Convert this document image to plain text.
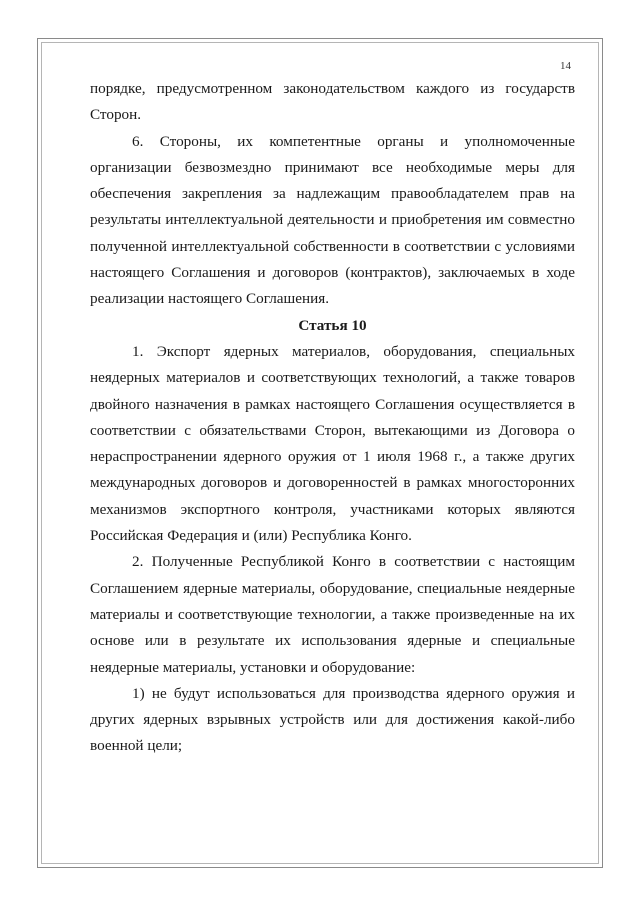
14

порядке, предусмотренном законодательством каждого из государств

Сторон.

6. Стороны, их компетентные органы и уполномоченные

организации безвозмездно принимают все необходимые меры для

обеспечения закрепления за надлежащим правообладателем прав на

результаты интеллектуальной деятельности и приобретения им совместно

полученной интеллектуальной собственности в соответствии с условиями

настоящего Соглашения и договоров (контрактов), заключаемых в ходе

реализации настоящего Соглашения.

Статья 10

1. Экспорт ядерных материалов, оборудования, специальных

неядерных материалов и соответствующих технологий, а также товаров

двойного назначения в рамках настоящего Соглашения осуществляется в

соответствии с обязательствами Сторон, вытекающими из Договора о

нераспространении ядерного оружия от 1 июля 1968 г., а также других

международных договоров и договоренностей в рамках многосторонних

механизмов экспортного контроля, участниками которых являются

Российская Федерация и (или) Республика Конго.

2. Полученные Республикой Конго в соответствии с настоящим

Соглашением ядерные материалы, оборудование, специальные неядерные

материалы и соответствующие технологии, а также произведенные на их

основе или в результате их использования ядерные и специальные

неядерные материалы, установки и оборудование:

1) не будут использоваться для производства ядерного оружия и

других ядерных взрывных устройств или для достижения какой-либо

военной цели;
